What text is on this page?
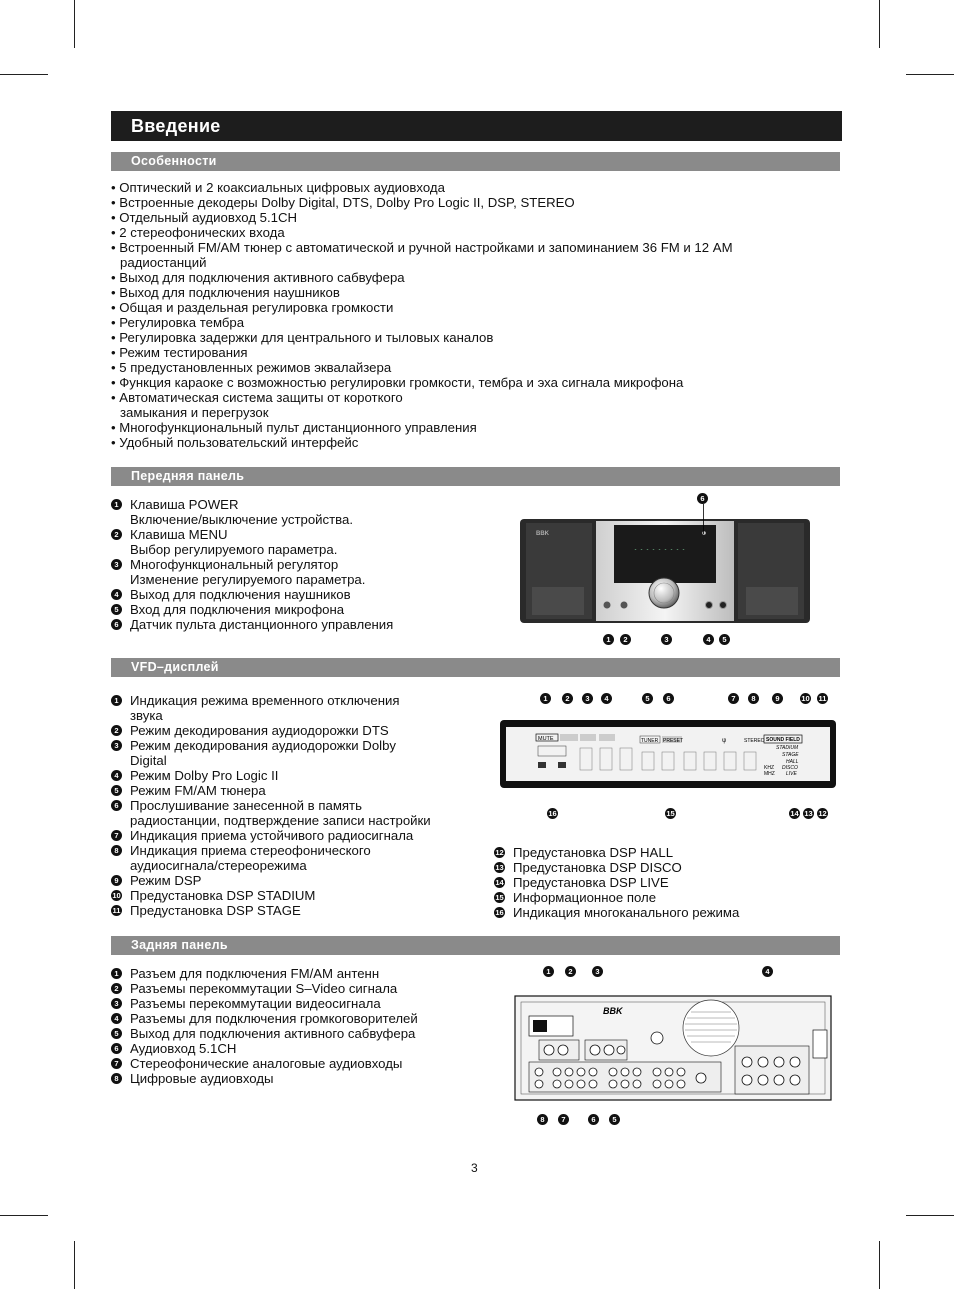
Введение
Особенности
• Оптический и 2 коаксиальных цифровых аудиовхода
• Встроенные декодеры Dolby Digital, DTS, Dolby Pro Logic II, DSP, STEREO
• Отдельный аудиовход 5.1CH
• 2 стереофонических входа
• Встроенный FM/AM тюнер с автоматической и ручной настройками и запоминанием 36 FM и 12 AM
радиостанций
• Выход для подключения активного сабвуфера
• Выход для подключения наушников
• Общая и раздельная регулировка громкости
• Регулировка тембра
• Регулировка задержки для центрального и тыловых каналов
• Режим тестирования
• 5 предустановленных режимов эквалайзера
• Функция караоке с возможностью регулировки громкости, тембра и эха сигнала микрофона
• Автоматическая система защиты от короткого
замыкания и перегрузок
• Многофункциональный пульт дистанционного управления
• Удобный пользовательский интерфейс
Передняя панель
1 Клавиша POWER
Включение/выключение устройства.
2 Клавиша MENU
Выбор регулируемого параметра.
3 Многофункциональный регулятор
Изменение регулируемого параметра.
4 Выход для подключения наушников
5 Вход для подключения микрофона
6 Датчик пульта дистанционного управления
- - - - - - - - -
BBK
6
1	2	3	4	5
VFD–дисплей
1 Индикация режима временного отключения
звука
2 Режим декодирования аудиодорожки DTS
3 Режим декодирования аудиодорожки Dolby
Digital
4 Режим Dolby Pro Logic II
5 Режим FM/AM тюнера
6 Прослушивание занесенной в память
радиостанции, подтверждение записи настройки
7 Индикация приема устойчивого радиосигнала
8 Индикация приема стереофонического
аудиосигнала/стереорежима
9 Режим DSP
10 Предустановка DSP STADIUM
11 Предустановка DSP STAGE
12 Предустановка DSP HALL
13 Предустановка DSP DISCO
14 Предустановка DSP LIVE
15 Информационное поле
16 Индикация многоканального режима
MUTE	TUNER PRESET	ψ	STEREO SOUND FIELD
STADIUM
STAGE
HALL
DISCO
LIVE
KHZ
MHZ
1	2	3	4	5	6	7	8	9	10 11
16	15	14 13 12
Задняя панель
1 Разъем для подключения FM/AM антенн
2 Разъемы перекоммутации S–Video сигнала
3 Разъемы перекоммутации видеосигнала
4 Разъемы для подключения громкоговорителей
5 Выход для подключения активного сабвуфера
6 Аудиовход 5.1CH
7 Стереофонические аналоговые аудиовходы
8 Цифровые аудиовходы
BBK
1	2	3	4
8	7	6	5
3
